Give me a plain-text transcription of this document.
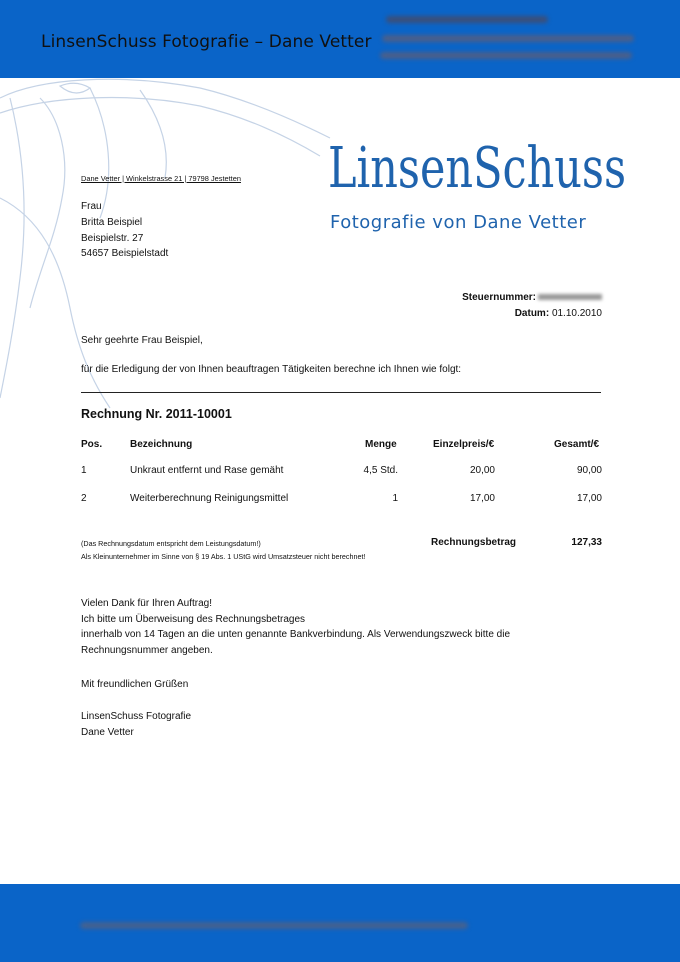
LinsenSchuss Fotografie – Dane Vetter
LinsenSchuss
Fotografie von Dane Vetter
Dane Vetter | Winkelstrasse 21 | 79798 Jestetten
Frau
Britta Beispiel
Beispielstr. 27
54657 Beispielstadt
Steuernummer:
Datum: 01.10.2010
Sehr geehrte Frau Beispiel,
für die Erledigung der von Ihnen beauftragen Tätigkeiten berechne ich Ihnen wie folgt:
Rechnung Nr. 2011-10001
Pos.	Bezeichnung	Menge	Einzelpreis/€	Gesamt/€
1	Unkraut entfernt und Rase gemäht	4,5 Std.	20,00	90,00
2	Weiterberechnung Reinigungsmittel	1	17,00	17,00
(Das Rechnungsdatum entspricht dem Leistungsdatum!)
Als Kleinunternehmer im Sinne von § 19 Abs. 1 UStG wird Umsatzsteuer nicht berechnet!
Rechnungsbetrag	127,33
Vielen Dank für Ihren Auftrag!
Ich bitte um Überweisung des Rechnungsbetrages
innerhalb von 14 Tagen an die unten genannte Bankverbindung. Als Verwendungszweck bitte die
Rechnungsnummer angeben.
Mit freundlichen Grüßen
LinsenSchuss Fotografie
Dane Vetter
